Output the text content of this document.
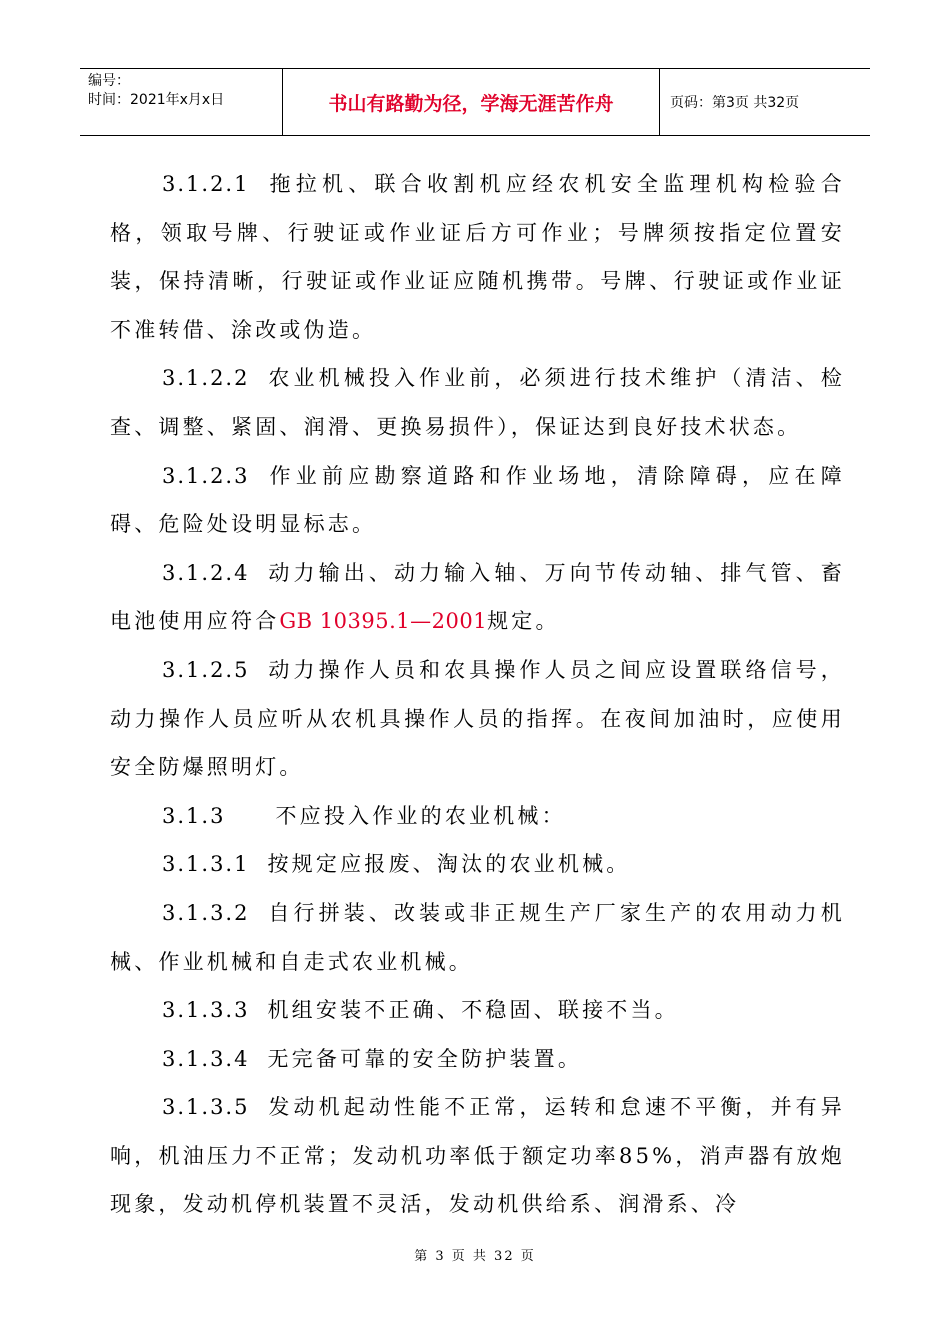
编号：
时间：2021年x月x日	书山有路勤为径，学海无涯苦作舟	页码：第3页 共32页

3.1.2.1 拖拉机、联合收割机应经农机安全监理机构检验合格，领取号牌、行驶证或作业证后方可作业；号牌须按指定位置安装，保持清晰，行驶证或作业证应随机携带。号牌、行驶证或作业证不准转借、涂改或伪造。

3.1.2.2 农业机械投入作业前，必须进行技术维护（清洁、检查、调整、紧固、润滑、更换易损件），保证达到良好技术状态。

3.1.2.3 作业前应勘察道路和作业场地，清除障碍，应在障碍、危险处设明显标志。

3.1.2.4 动力输出、动力输入轴、万向节传动轴、排气管、畜电池使用应符合GB 10395.1—2001规定。

3.1.2.5 动力操作人员和农具操作人员之间应设置联络信号，动力操作人员应听从农机具操作人员的指挥。在夜间加油时，应使用安全防爆照明灯。

3.1.3 不应投入作业的农业机械：

3.1.3.1 按规定应报废、淘汰的农业机械。

3.1.3.2 自行拼装、改装或非正规生产厂家生产的农用动力机械、作业机械和自走式农业机械。

3.1.3.3 机组安装不正确、不稳固、联接不当。

3.1.3.4 无完备可靠的安全防护装置。

3.1.3.5 发动机起动性能不正常，运转和怠速不平衡，并有异响，机油压力不正常；发动机功率低于额定功率85%，消声器有放炮现象，发动机停机装置不灵活，发动机供给系、润滑系、冷

第 3 页 共 32 页
